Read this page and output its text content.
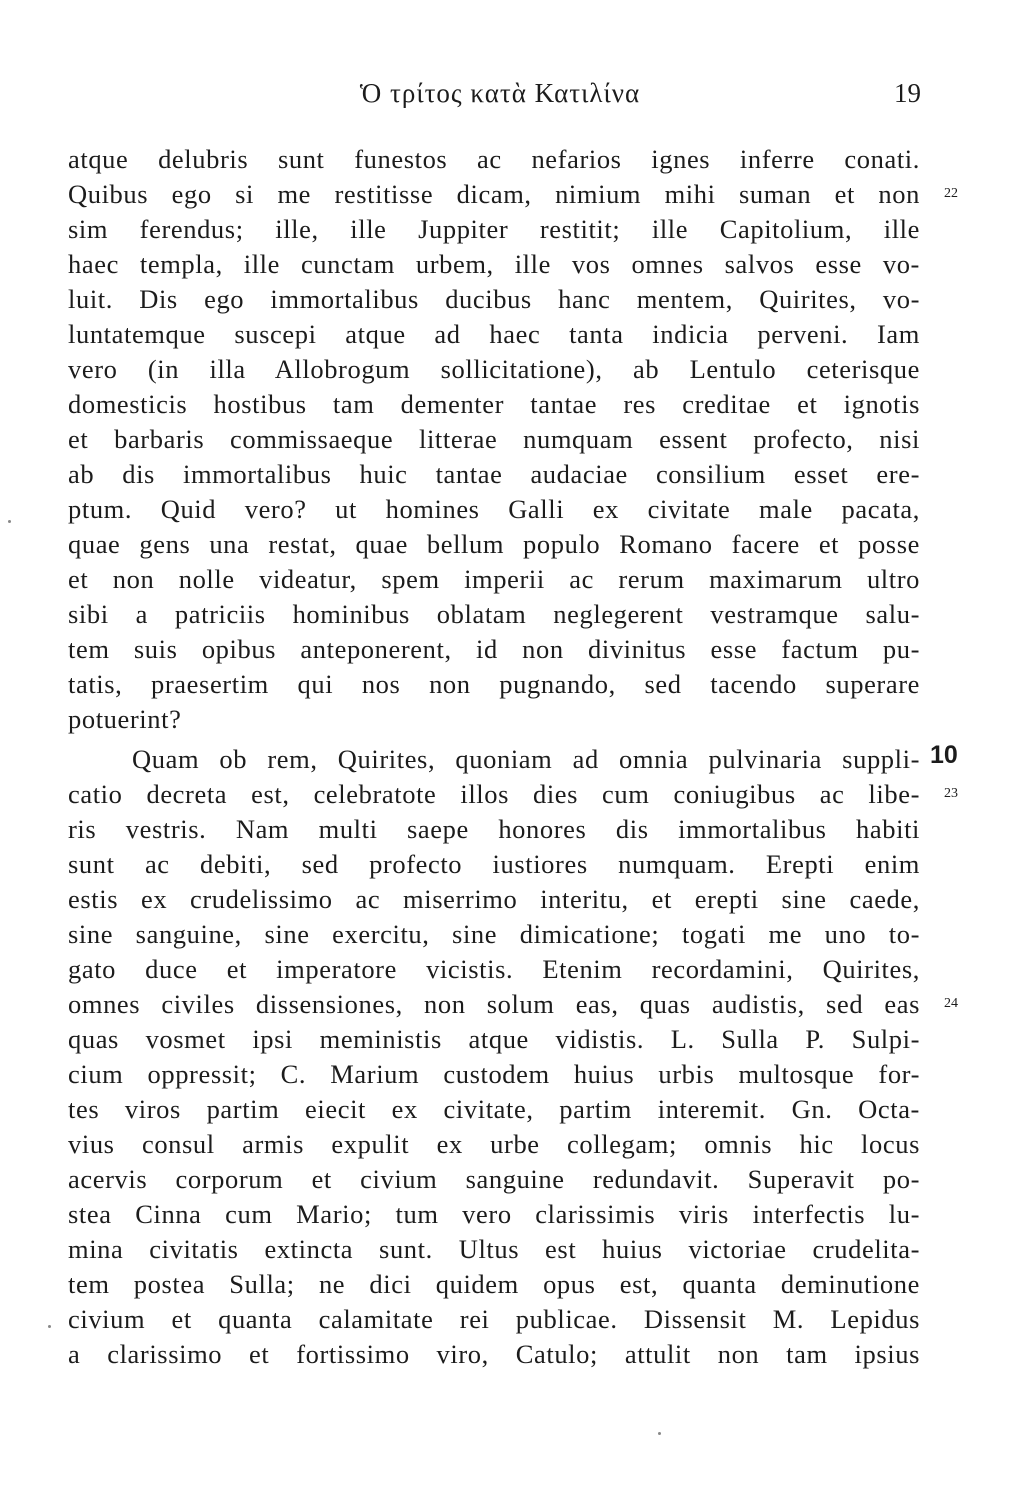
Ὁ τρίτος κατὰ Κατιλίνα	19
atque delubris sunt funestos ac nefarios ignes inferre conati.
Quibus ego si me restitisse dicam, nimium mihi suman et non
sim ferendus; ille, ille Juppiter restitit; ille Capitolium, ille
haec templa, ille cunctam urbem, ille vos omnes salvos esse vo-
luit. Dis ego immortalibus ducibus hanc mentem, Quirites, vo-
luntatemque suscepi atque ad haec tanta indicia perveni. Iam
vero (in illa Allobrogum sollicitatione), ab Lentulo ceterisque
domesticis hostibus tam dementer tantae res creditae et ignotis
et barbaris commissaeque litterae numquam essent profecto, nisi
ab dis immortalibus huic tantae audaciae consilium esset ere-
ptum. Quid vero? ut homines Galli ex civitate male pacata,
quae gens una restat, quae bellum populo Romano facere et posse
et non nolle videatur, spem imperii ac rerum maximarum ultro
sibi a patriciis hominibus oblatam neglegerent vestramque salu-
tem suis opibus anteponerent, id non divinitus esse factum pu-
tatis, praesertim qui nos non pugnando, sed tacendo superare
potuerint?
Quam ob rem, Quirites, quoniam ad omnia pulvinaria suppli-
catio decreta est, celebratote illos dies cum coniugibus ac libe-
ris vestris. Nam multi saepe honores dis immortalibus habiti
sunt ac debiti, sed profecto iustiores numquam. Erepti enim
estis ex crudelissimo ac miserrimo interitu, et erepti sine caede,
sine sanguine, sine exercitu, sine dimicatione; togati me uno to-
gato duce et imperatore vicistis. Etenim recordamini, Quirites,
omnes civiles dissensiones, non solum eas, quas audistis, sed eas
quas vosmet ipsi meministis atque vidistis. L. Sulla P. Sulpi-
cium oppressit; C. Marium custodem huius urbis multosque for-
tes viros partim eiecit ex civitate, partim interemit. Gn. Octa-
vius consul armis expulit ex urbe collegam; omnis hic locus
acervis corporum et civium sanguine redundavit. Superavit po-
stea Cinna cum Mario; tum vero clarissimis viris interfectis lu-
mina civitatis extincta sunt. Ultus est huius victoriae crudelita-
tem postea Sulla; ne dici quidem opus est, quanta deminutione
civium et quanta calamitate rei publicae. Dissensit M. Lepidus
a clarissimo et fortissimo viro, Catulo; attulit non tam ipsius
22
10
23
24
